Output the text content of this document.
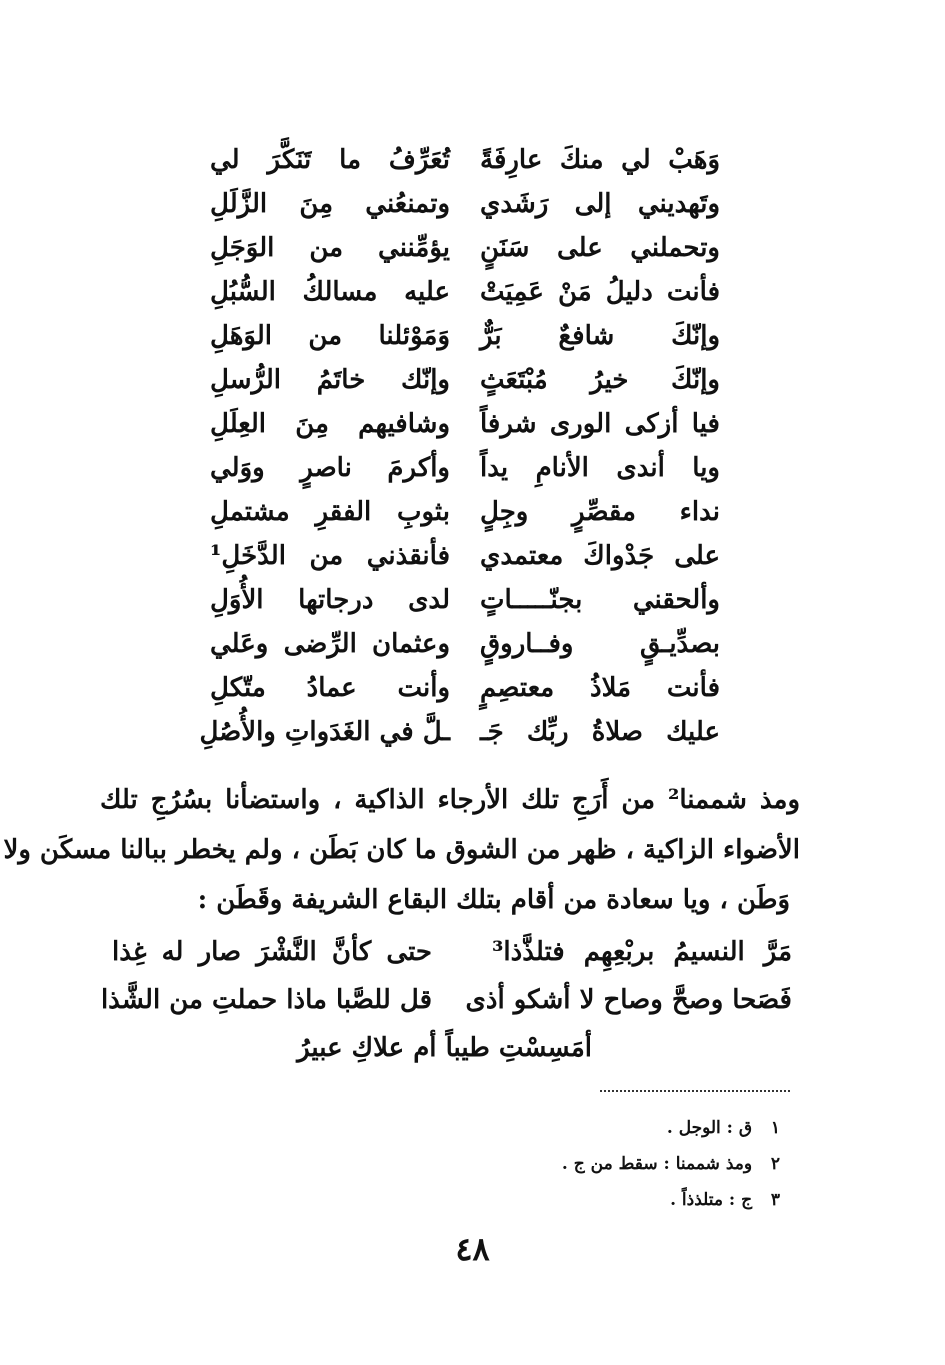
وَهَبْ لي منكَ عارِفَةً
تُعَرِّفُ ما تَنَكَّرَ لي
وتَهديني إلى رَشَدي
وتمنعُني مِنَ الزَّلَلِ
وتحملني على سَنَنٍ
يؤمِّنني من الوَجَلِ
فأنت دليلُ مَنْ عَمِيَتْ
عليه مسالكُ السُّبُلِ
وإنّكَ شافعٌ بَرٌّ
وَمَوْئلنا من الوَهَلِ
وإنّكَ خيرُ مُبْتَعَثٍ
وإنّك خاتَمُ الرُّسلِ
فيا أزكى الورى شرفاً
وشافيهم مِنَ العِلَلِ
ويا أندى الأنامِ يداً
وأكرمَ ناصرٍ ووَلي
نداء مقصِّرٍ وجِلٍ
بثوبِ الفقرِ مشتملِ
على جَدْواكَ معتمدي
فأنقذني من الدَّخَلِ¹
وألحقني بجنّـــــاتٍ
لدى درجاتها الأُوَلِ
بصدِّيـقٍ وفــاروقٍ
وعثمان الرِّضى وعَلي
فأنت مَلاذُ معتصِمٍ
وأنت عمادُ متّكلِ
عليك صلاةُ ربِّك جَـ
ـلَّ في الغَدَواتِ والأُصُلِ
ومذ شممنا² من أَرَجِ تلك الأرجاء الذاكية ، واستضأنا بسُرُجِ تلك
الأضواء الزاكية ، ظهر من الشوق ما كان بَطَن ، ولم يخطر ببالنا مسكَن ولا
وَطَن ، ويا سعادة من أقام بتلك البقاع الشريفة وقَطَن :
مَرَّ النسيمُ بربْعِهِم فتلذَّذا³
حتى كأنَّ النَّشْرَ صار له غِذا
فَصَحا وصحَّ وصاح لا أشكو أذى
قل للصَّبا ماذا حملتِ من الشَّذا
أمَسِسْتِ طيباً أم علاكِ عبيرُ
١ ق : الوجل .
٢ ومذ شممنا : سقط من ج .
٣ ج : متلذذاً .
٤٨
